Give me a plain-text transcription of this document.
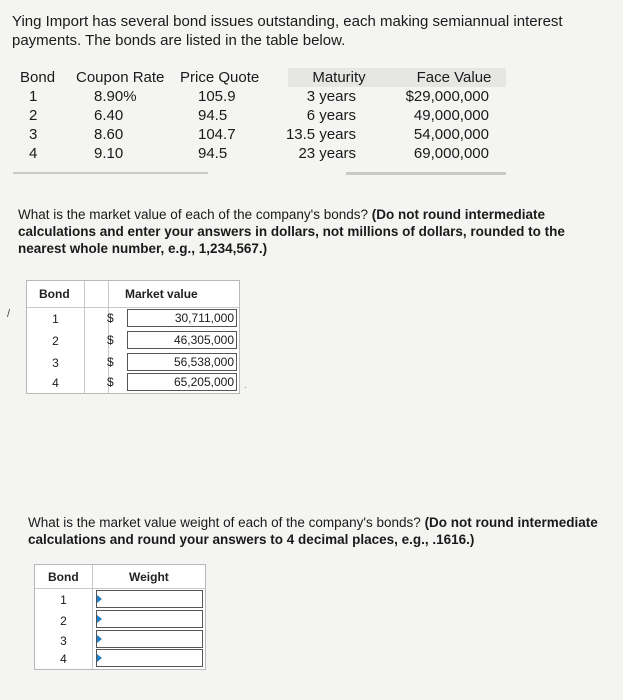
Ying Import has several bond issues outstanding, each making semiannual interest payments. The bonds are listed in the table below.
Bond	Coupon Rate	Price Quote	Maturity	Face Value
1	8.90%	105.9	3 years	$29,000,000
2	6.40	94.5	6 years	49,000,000
3	8.60	104.7	13.5 years	54,000,000
4	9.10	94.5	23 years	69,000,000
What is the market value of each of the company's bonds? (Do not round intermediate calculations and enter your answers in dollars, not millions of dollars, rounded to the nearest whole number, e.g., 1,234,567.)
/
Bond	Market value
1	$	30,711,000
2	$	46,305,000
3	$	56,538,000
4	$	65,205,000	.
What is the market value weight of each of the company's bonds? (Do not round intermediate calculations and round your answers to 4 decimal places, e.g., .1616.)
Bond	Weight
1
2
3
4
